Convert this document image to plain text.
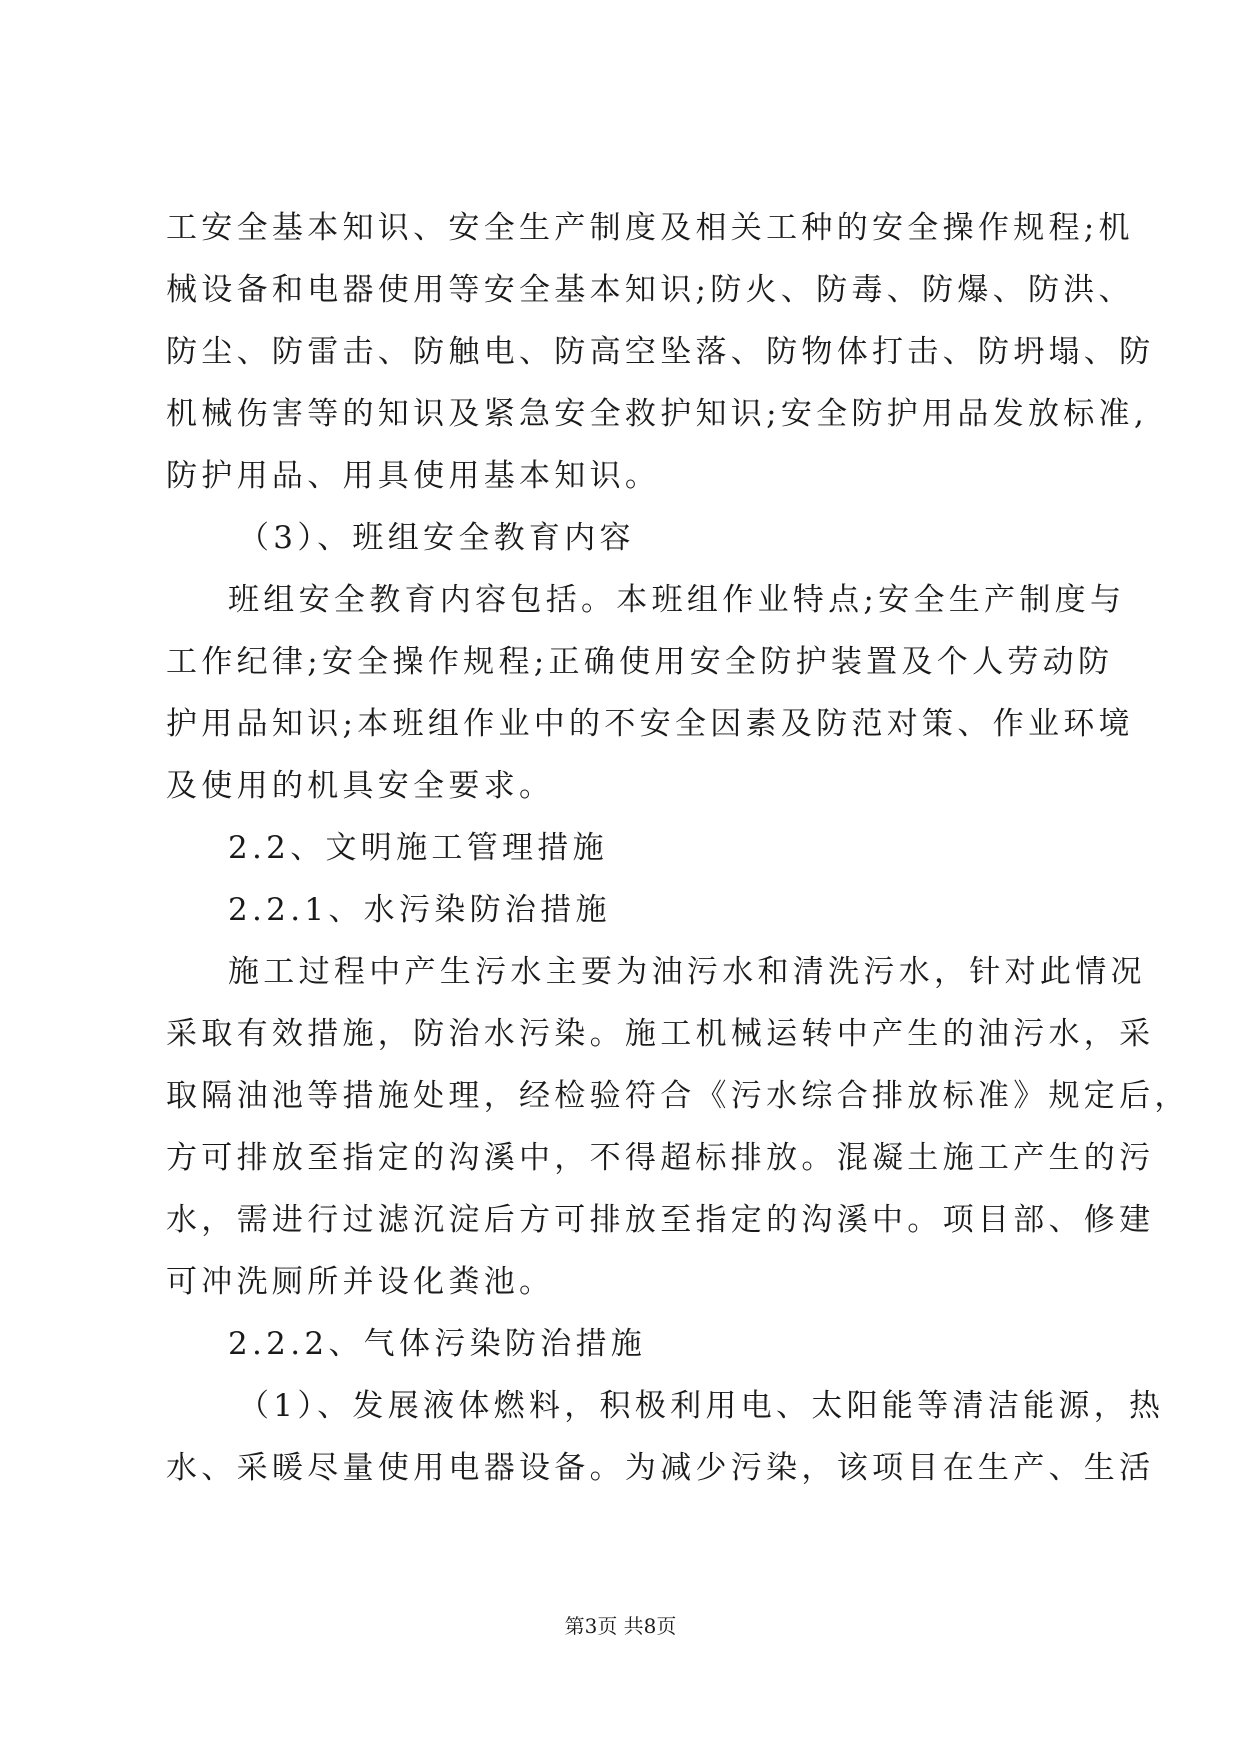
工安全基本知识、安全生产制度及相关工种的安全操作规程;机
械设备和电器使用等安全基本知识;防火、防毒、防爆、防洪、
防尘、防雷击、防触电、防高空坠落、防物体打击、防坍塌、防
机械伤害等的知识及紧急安全救护知识;安全防护用品发放标准,
防护用品、用具使用基本知识。
（3）、班组安全教育内容
班组安全教育内容包括。本班组作业特点;安全生产制度与
工作纪律;安全操作规程;正确使用安全防护装置及个人劳动防
护用品知识;本班组作业中的不安全因素及防范对策、作业环境
及使用的机具安全要求。
2.2、文明施工管理措施
2.2.1、水污染防治措施
施工过程中产生污水主要为油污水和清洗污水，针对此情况
采取有效措施，防治水污染。施工机械运转中产生的油污水，采
取隔油池等措施处理，经检验符合《污水综合排放标准》规定后，
方可排放至指定的沟溪中，不得超标排放。混凝土施工产生的污
水，需进行过滤沉淀后方可排放至指定的沟溪中。项目部、修建
可冲洗厕所并设化粪池。
2.2.2、气体污染防治措施
（1）、发展液体燃料，积极利用电、太阳能等清洁能源，热
水、采暖尽量使用电器设备。为减少污染，该项目在生产、生活
第3页 共8页
